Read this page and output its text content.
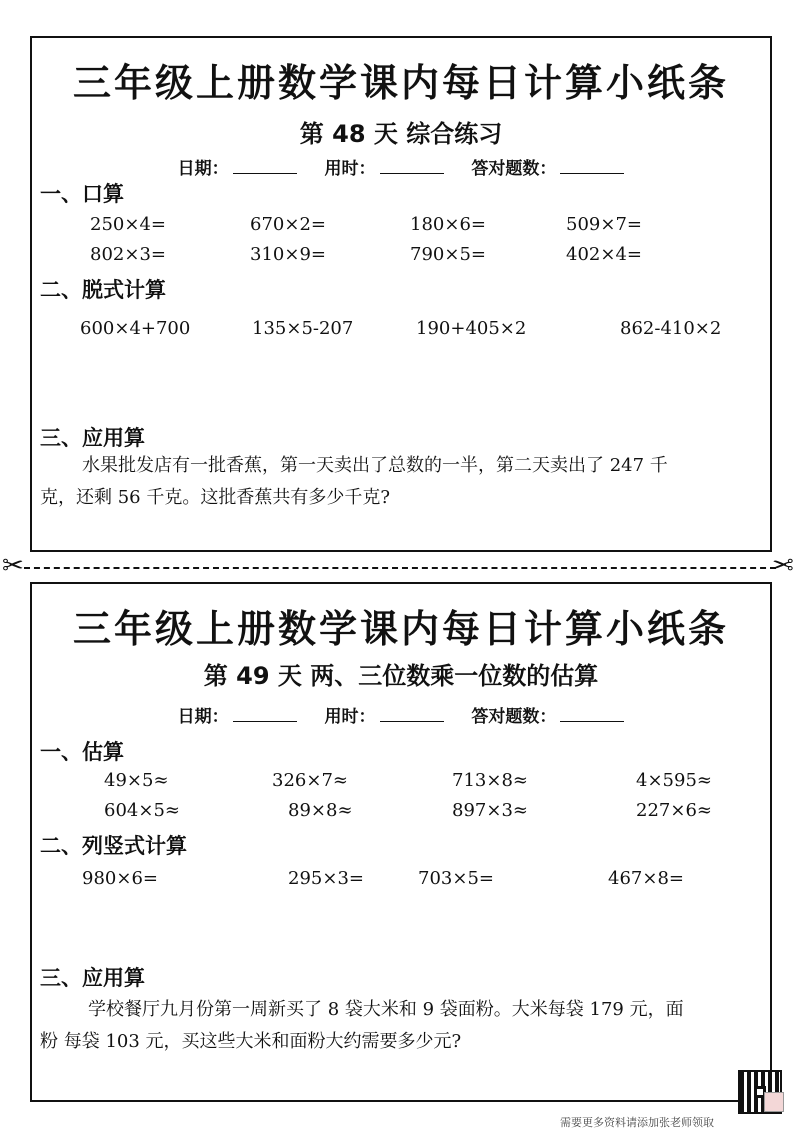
三年级上册数学课内每日计算小纸条
第 48 天 综合练习
日期：	用时：	答对题数：
一、口算
250×4=	670×2=	180×6=	509×7=
802×3=	310×9=	790×5=	402×4=
二、脱式计算
600×4+700	135×5-207	190+405×2	862-410×2
三、应用算
水果批发店有一批香蕉，第一天卖出了总数的一半，第二天卖出了 247 千
克，还剩 56 千克。这批香蕉共有多少千克?
✂	✂
三年级上册数学课内每日计算小纸条
第 49 天 两、三位数乘一位数的估算
日期：	用时：	答对题数：
一、估算
49×5≈	326×7≈	713×8≈	4×595≈
604×5≈	89×8≈	897×3≈	227×6≈
二、列竖式计算
980×6=	295×3=	703×5=	467×8=
三、应用算
学校餐厅九月份第一周新买了 8 袋大米和 9 袋面粉。大米每袋 179 元，面
粉 每袋 103 元，买这些大米和面粉大约需要多少元?
需要更多资料请添加张老师领取
